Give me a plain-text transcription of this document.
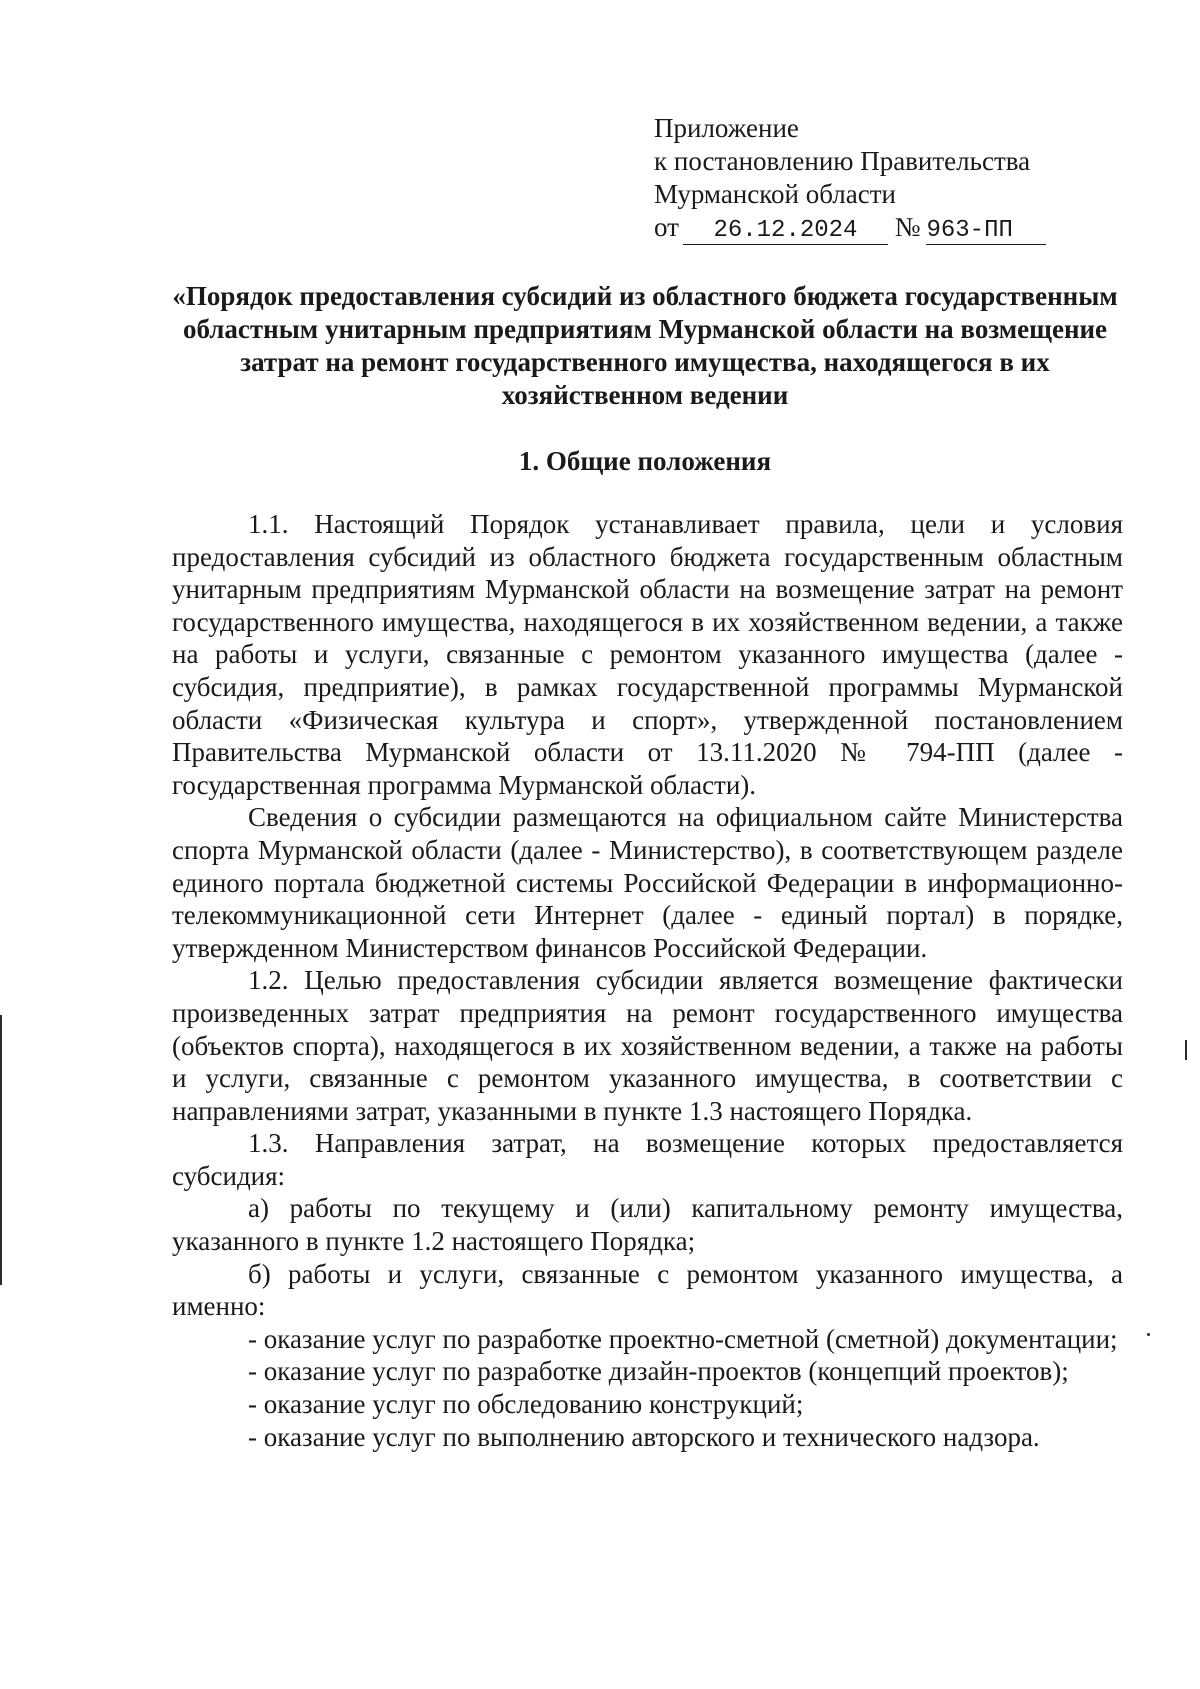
Приложение
к постановлению Правительства
Мурманской области
от 26.12.2024 № 963-ПП
«Порядок предоставления субсидий из областного бюджета государственным областным унитарным предприятиям Мурманской области на возмещение затрат на ремонт государственного имущества, находящегося в их хозяйственном ведении
1. Общие положения

1.1. Настоящий Порядок устанавливает правила, цели и условия предоставления субсидий из областного бюджета государственным областным унитарным предприятиям Мурманской области на возмещение затрат на ремонт государственного имущества, находящегося в их хозяйственном ведении, а также на работы и услуги, связанные с ремонтом указанного имущества (далее - субсидия, предприятие), в рамках государственной программы Мурманской области «Физическая культура и спорт», утвержденной постановлением Правительства Мурманской области от 13.11.2020 № 794-ПП (далее - государственная программа Мурманской области).

Сведения о субсидии размещаются на официальном сайте Министерства спорта Мурманской области (далее - Министерство), в соответствующем разделе единого портала бюджетной системы Российской Федерации в информационно-телекоммуникационной сети Интернет (далее - единый портал) в порядке, утвержденном Министерством финансов Российской Федерации.

1.2. Целью предоставления субсидии является возмещение фактически произведенных затрат предприятия на ремонт государственного имущества (объектов спорта), находящегося в их хозяйственном ведении, а также на работы и услуги, связанные с ремонтом указанного имущества, в соответствии с направлениями затрат, указанными в пункте 1.3 настоящего Порядка.

1.3. Направления затрат, на возмещение которых предоставляется субсидия:

а) работы по текущему и (или) капитальному ремонту имущества, указанного в пункте 1.2 настоящего Порядка;

б) работы и услуги, связанные с ремонтом указанного имущества, а именно:

- оказание услуг по разработке проектно-сметной (сметной) документации;

- оказание услуг по разработке дизайн-проектов (концепций проектов);

- оказание услуг по обследованию конструкций;

- оказание услуг по выполнению авторского и технического надзора.
